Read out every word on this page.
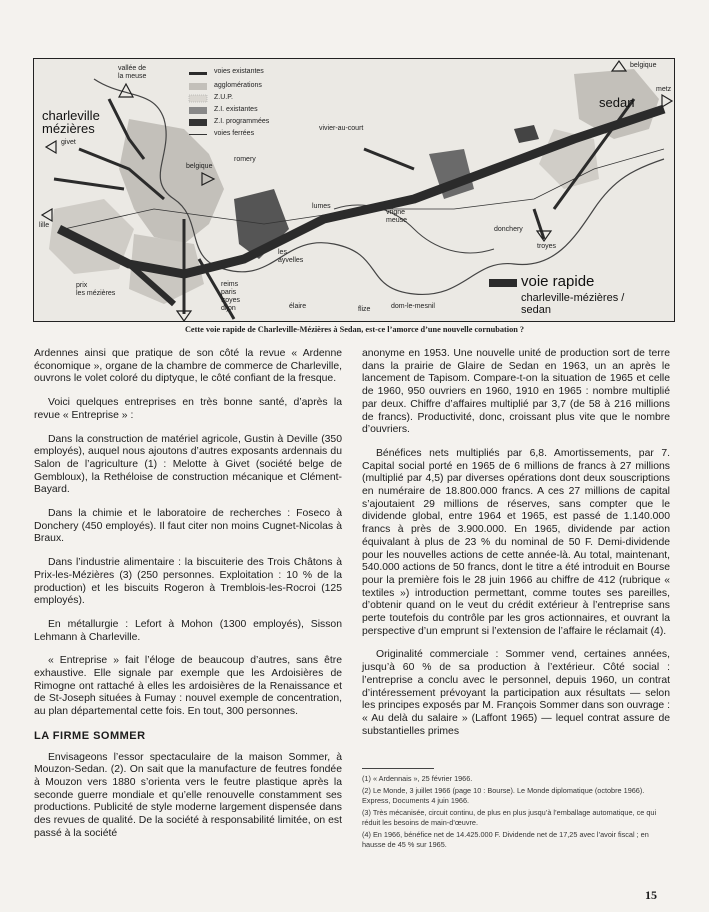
voies existantes
agglomérations
Z.U.P.
Z.I. existantes
Z.I. programmées
voies ferrées
charleville
mézières
sedan
vallée de
la meuse
givet
belgique
romery
lille
prix
les mézières
reims
paris
troyes
dijon
les
ayvelles
élaire
lumes
vivier-au-court
vrigne
meuse
flize	dom-le-mesnil
donchery
troyes
belgique
metz
voie rapide
charleville-mézières /
sedan
Cette voie rapide de Charleville-Mézières à Sedan, est-ce l’amorce d’une nouvelle cornubation ?

Ardennes ainsi que pratique de son côté la revue « Ardenne économique », organe de la chambre de commerce de Charleville, ouvrons le volet coloré du diptyque, le côté confiant de la fresque.

Voici quelques entreprises en très bonne santé, d’après la revue « Entreprise » :

Dans la construction de matériel agricole, Gustin à Deville (350 employés), auquel nous ajoutons d’autres exposants ardennais du Salon de l’agriculture (1) : Melotte à Givet (société belge de Gembloux), la Rethéloise de construction mécanique et Clément-Bayard.

Dans la chimie et le laboratoire de recherches : Foseco à Donchery (450 employés). Il faut citer non moins Cugnet-Nicolas à Braux.

Dans l’industrie alimentaire : la biscuiterie des Trois Châtons à Prix-les-Mézières (3) (250 personnes. Exploitation : 10 % de la production) et les biscuits Rogeron à Tremblois-les-Rocroi (125 employés).

En métallurgie : Lefort à Mohon (1300 employés), Sisson Lehmann à Charleville.

« Entreprise » fait l’éloge de beaucoup d’autres, sans être exhaustive. Elle signale par exemple que les Ardoisières de Rimogne ont rattaché à elles les ardoisières de la Renaissance et de St-Joseph situées à Fumay : nouvel exemple de concentration, au plan départemental cette fois. En tout, 300 personnes.

LA FIRME SOMMER

Envisageons l’essor spectaculaire de la maison Sommer, à Mouzon-Sedan. (2). On sait que la manufacture de feutres fondée à Mouzon vers 1880 s’orienta vers le feutre plastique après la seconde guerre mondiale et qu’elle renouvelle constamment ses productions. Publicité de style moderne largement dispensée dans des revues de qualité. De la société à responsabilité limitée, on est passé à la société

anonyme en 1953. Une nouvelle unité de production sort de terre dans la prairie de Glaire de Sedan en 1963, un an après le lancement de Tapisom. Compare-t-on la situation de 1965 et celle de 1960, 950 ouvriers en 1960, 1910 en 1965 : nombre multiplié par deux. Chiffre d’affaires multiplié par 3,7 (de 58 à 216 millions de francs). Productivité, donc, croissant plus vite que le nombre d’ouvriers.

Bénéfices nets multipliés par 6,8. Amortissements, par 7. Capital social porté en 1965 de 6 millions de francs à 27 millions (multiplié par 4,5) par diverses opérations dont deux souscriptions en numéraire de 18.800.000 francs. A ces 27 millions de capital s’ajoutaient 29 millions de réserves, sans compter que le dividende global, entre 1964 et 1965, est passé de 1.140.000 francs à près de 3.900.000. En 1965, dividende par action équivalant à plus de 23 % du nominal de 50 F. Demi-dividende pour les nouvelles actions de cette année-là. Au total, maintenant, 540.000 actions de 50 francs, dont le titre a été introduit en Bourse pour la première fois le 28 juin 1966 au chiffre de 412 (rubrique « textiles ») introduction permettant, comme toutes ses pareilles, d’obtenir quand on le veut du crédit extérieur à l’entreprise sans perte toutefois du contrôle par les gros actionnaires, et ouvrant la perspective d’un emprunt si l’extension de l’affaire le réclamait (4).

Originalité commerciale : Sommer vend, certaines années, jusqu’à 60 % de sa production à l’extérieur. Côté social : l’entreprise a conclu avec le personnel, depuis 1960, un contrat d’intéressement prévoyant la participation aux résultats — selon les principes exposés par M. François Sommer dans son ouvrage : « Au delà du salaire » (Laffont 1965) — lequel contrat assure de substantielles primes

(1) « Ardennais », 25 février 1966.
(2) Le Monde, 3 juillet 1966 (page 10 : Bourse). Le Monde diplomatique (octobre 1966). Express, Documents 4 juin 1966.
(3) Très mécanisée, circuit continu, de plus en plus jusqu’à l’emballage automatique, ce qui réduit les besoins de main-d’œuvre.
(4) En 1966, bénéfice net de 14.425.000 F. Dividende net de 17,25 avec l’avoir fiscal ; en hausse de 45 % sur 1965.
15
